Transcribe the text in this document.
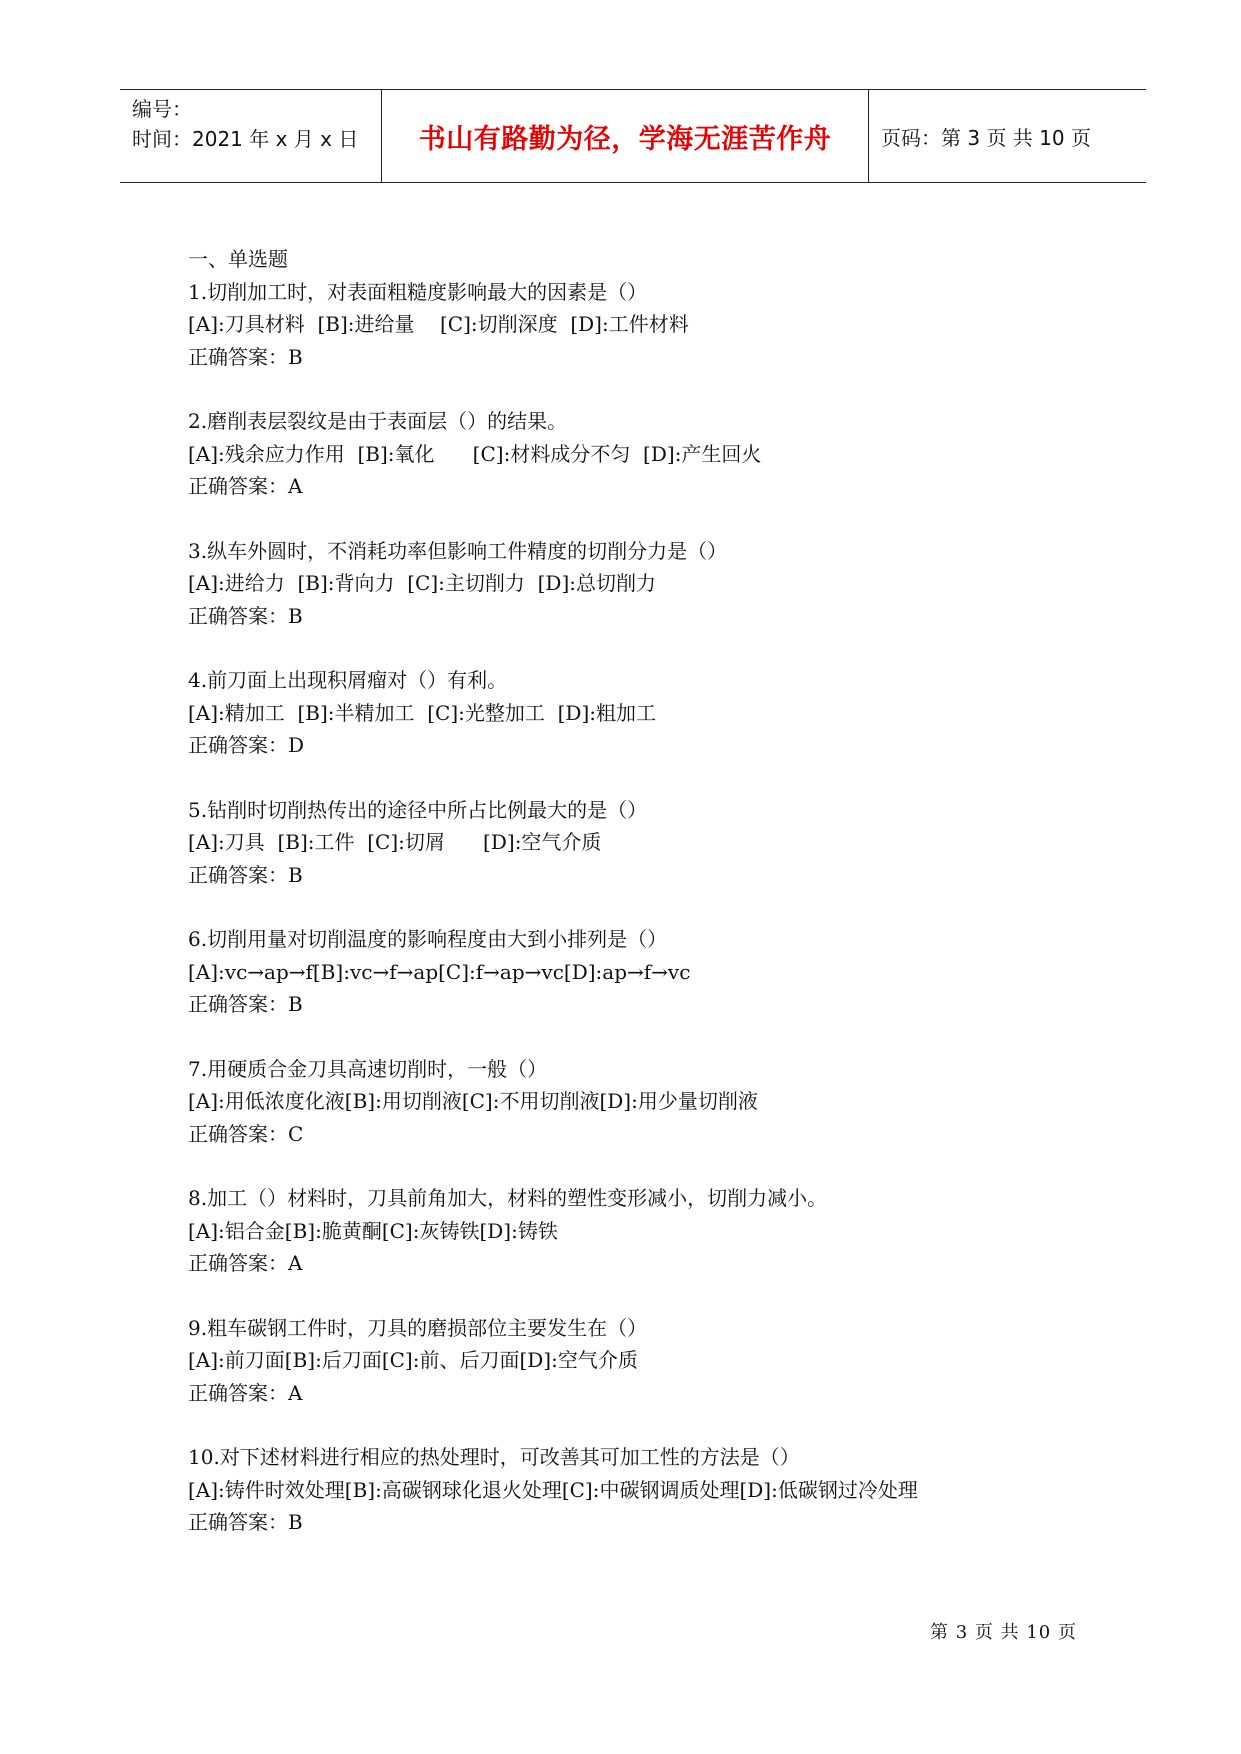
编号：
时间：2021 年 x 月 x 日	书山有路勤为径，学海无涯苦作舟	页码：第 3 页 共 10 页
一、单选题
1.切削加工时，对表面粗糙度影响最大的因素是（）
[A]:刀具材料  [B]:进给量    [C]:切削深度  [D]:工件材料
正确答案：B
2.磨削表层裂纹是由于表面层（）的结果。
[A]:残余应力作用  [B]:氧化      [C]:材料成分不匀  [D]:产生回火
正确答案：A
3.纵车外圆时，不消耗功率但影响工件精度的切削分力是（）
[A]:进给力  [B]:背向力  [C]:主切削力  [D]:总切削力
正确答案：B
4.前刀面上出现积屑瘤对（）有利。
[A]:精加工  [B]:半精加工  [C]:光整加工  [D]:粗加工
正确答案：D
5.钻削时切削热传出的途径中所占比例最大的是（）
[A]:刀具  [B]:工件  [C]:切屑      [D]:空气介质
正确答案：B
6.切削用量对切削温度的影响程度由大到小排列是（）
[A]:vc→ap→f[B]:vc→f→ap[C]:f→ap→vc[D]:ap→f→vc
正确答案：B
7.用硬质合金刀具高速切削时，一般（）
[A]:用低浓度化液[B]:用切削液[C]:不用切削液[D]:用少量切削液
正确答案：C
8.加工（）材料时，刀具前角加大，材料的塑性变形减小，切削力减小。
[A]:铝合金[B]:脆黄酮[C]:灰铸铁[D]:铸铁
正确答案：A
9.粗车碳钢工件时，刀具的磨损部位主要发生在（）
[A]:前刀面[B]:后刀面[C]:前、后刀面[D]:空气介质
正确答案：A
10.对下述材料进行相应的热处理时，可改善其可加工性的方法是（）
[A]:铸件时效处理[B]:高碳钢球化退火处理[C]:中碳钢调质处理[D]:低碳钢过冷处理
正确答案：B
第 3 页 共 10 页
